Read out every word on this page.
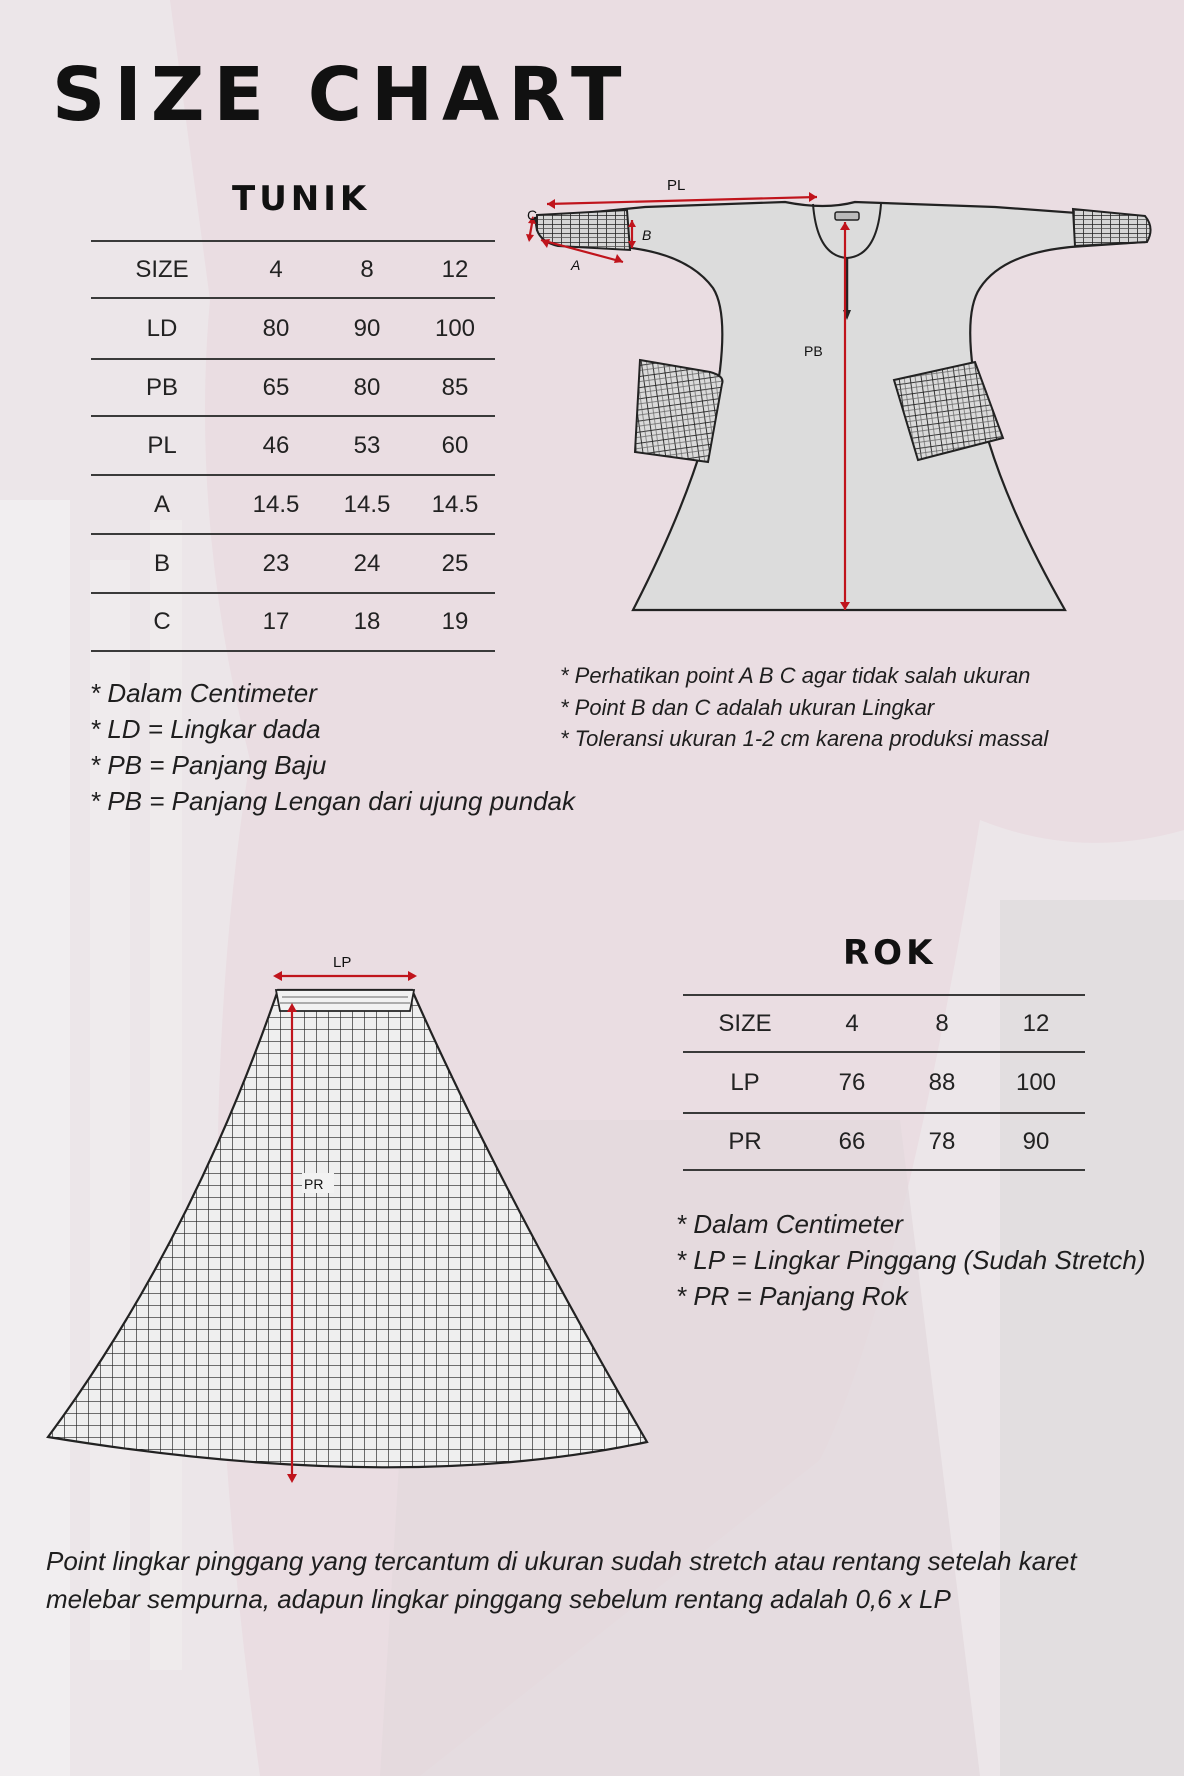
SIZE CHART
TUNIK
SIZE	4	8	12
LD	80	90	100
PB	65	80	85
PL	46	53	60
A	14.5	14.5	14.5
B	23	24	25
C	17	18	19
* Dalam Centimeter
* LD = Lingkar dada
* PB = Panjang Baju
* PB = Panjang Lengan dari ujung pundak
PL
PB
A
B
C
* Perhatikan point A B C agar tidak salah ukuran
* Point B dan C adalah ukuran Lingkar
* Toleransi ukuran 1-2 cm karena produksi massal
LP
PR
ROK
SIZE	4	8	12
LP	76	88	100
PR	66	78	90
* Dalam Centimeter
* LP = Lingkar Pinggang (Sudah Stretch)
* PR = Panjang Rok

Point lingkar pinggang yang tercantum di ukuran sudah stretch atau rentang setelah karet melebar sempurna, adapun lingkar pinggang sebelum rentang adalah 0,6 x LP
